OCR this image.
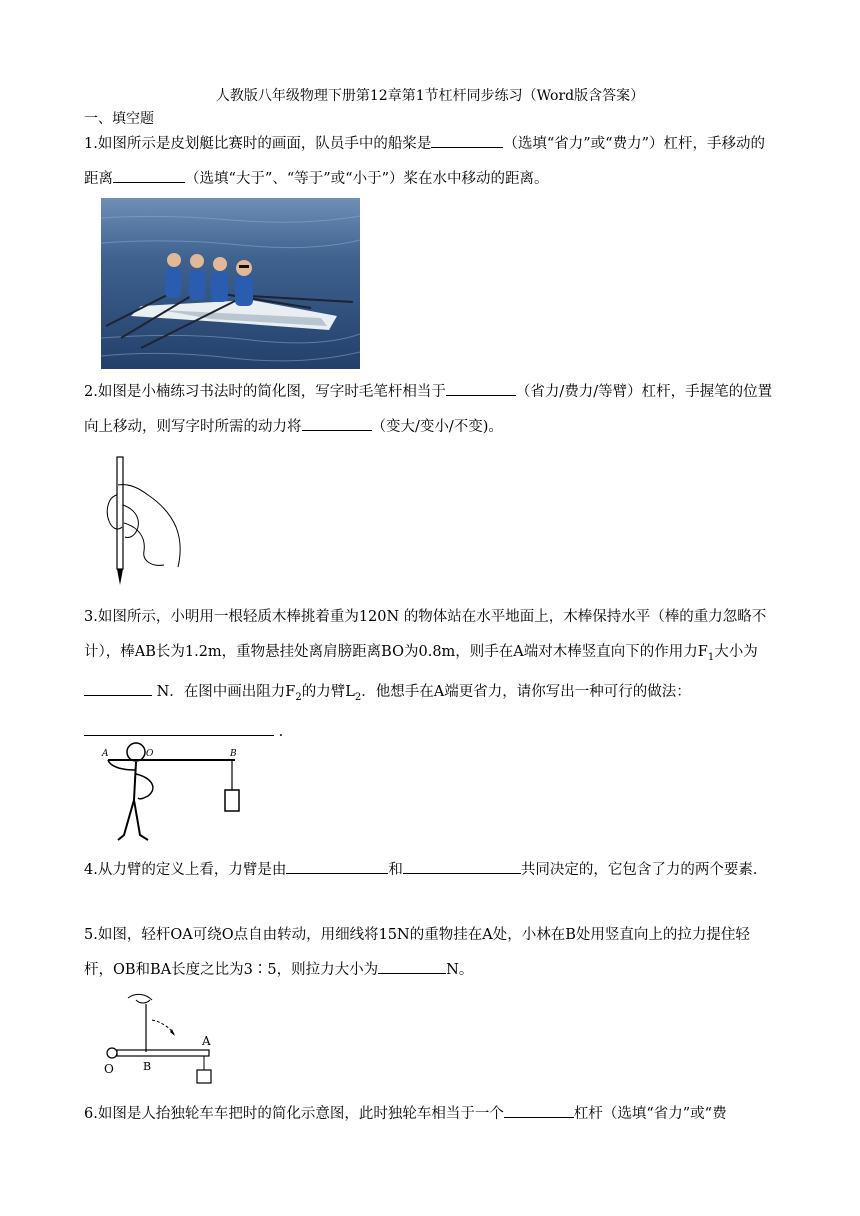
人教版八年级物理下册第12章第1节杠杆同步练习（Word版含答案）
一、填空题
1.如图所示是皮划艇比赛时的画面，队员手中的船桨是	（选填“省力”或“费力”）杠杆，手移动的距离	（选填“大于”、“等于”或“小于”）桨在水中移动的距离。
2.如图是小楠练习书法时的简化图，写字时毛笔杆相当于	（省力/费力/等臂）杠杆，手握笔的位置向上移动，则写字时所需的动力将	（变大/变小/不变)。
3.如图所示，小明用一根轻质木棒挑着重为120N 的物体站在水平地面上，木棒保持水平（棒的重力忽略不计），棒AB长为1.2m，重物悬挂处离肩膀距离BO为0.8m，则手在A端对木棒竖直向下的作用力$F_1$大小为 N．在图中画出阻力$F_2$的力臂$L_2$．他想手在A端更省力，请你写出一种可行的做法： .
A	O	B
4.从力臂的定义上看，力臂是由	和	共同决定的，它包含了力的两个要素．
5.如图，轻杆OA可绕O点自由转动，用细线将15N的重物挂在A处，小林在B处用竖直向上的拉力提住轻杆，OB和BA长度之比为3∶5，则拉力大小为	N。
A
O	B
6.如图是人抬独轮车车把时的简化示意图，此时独轮车相当于一个	杠杆（选填“省力”或“费
